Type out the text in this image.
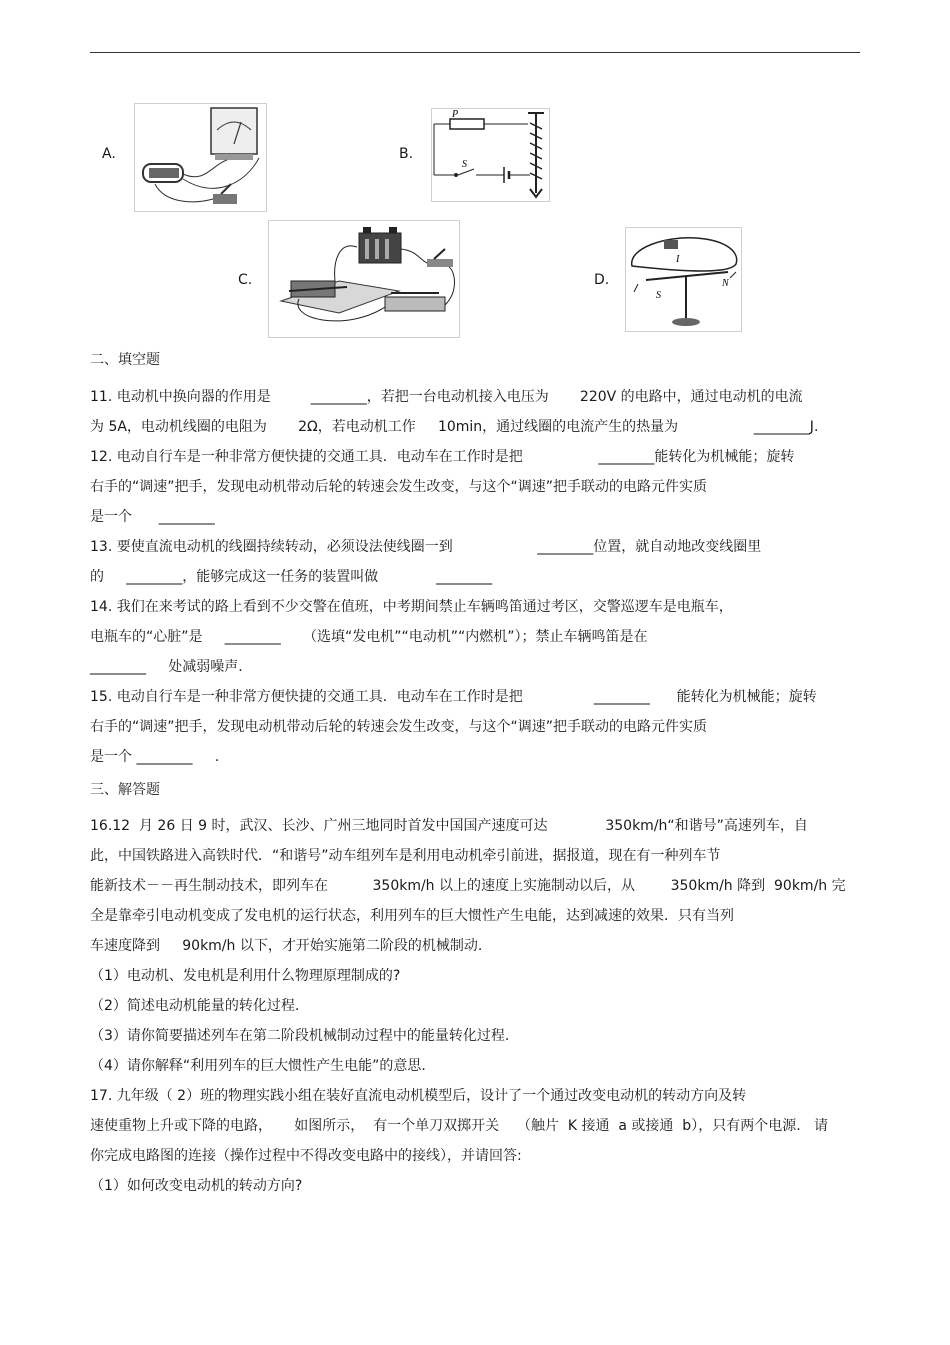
A.	B.
C.	D.
P
S
I
S
N
二、填空题
三、解答题
11. 电动机中换向器的作用是         ________，若把一台电动机接入电压为       220V 的电路中，通过电动机的电流
为 5A，电动机线圈的电阻为       2Ω，若电动机工作     10min，通过线圈的电流产生的热量为                 ________J.
12. 电动自行车是一种非常方便快捷的交通工具．电动车在工作时是把                 ________能转化为机械能；旋转
右手的“调速”把手，发现电动机带动后轮的转速会发生改变，与这个“调速”把手联动的电路元件实质
是一个      ________
13. 要使直流电动机的线圈持续转动，必须设法使线圈一到                   ________位置，就自动地改变线圈里
的     ________，能够完成这一任务的装置叫做             ________
14. 我们在来考试的路上看到不少交警在值班，中考期间禁止车辆鸣笛通过考区，交警巡逻车是电瓶车，
电瓶车的“心脏”是     ________     （选填“发电机”“电动机”“内燃机”）；禁止车辆鸣笛是在
________     处减弱噪声.
15. 电动自行车是一种非常方便快捷的交通工具．电动车在工作时是把                ________      能转化为机械能；旋转
右手的“调速”把手，发现电动机带动后轮的转速会发生改变，与这个“调速”把手联动的电路元件实质
是一个 ________     .
16.12  月 26 日 9 时，武汉、长沙、广州三地同时首发中国国产速度可达             350km/h“和谐号”高速列车，自
此，中国铁路进入高铁时代．“和谐号”动车组列车是利用电动机牵引前进，据报道，现在有一种列车节
能新技术－－再生制动技术，即列车在          350km/h 以上的速度上实施制动以后，从        350km/h 降到  90km/h 完
全是靠牵引电动机变成了发电机的运行状态，利用列车的巨大惯性产生电能，达到减速的效果．只有当列
车速度降到     90km/h 以下，才开始实施第二阶段的机械制动.
（1）电动机、发电机是利用什么物理原理制成的?
（2）简述电动机能量的转化过程.
（3）请你简要描述列车在第二阶段机械制动过程中的能量转化过程.
（4）请你解释“利用列车的巨大惯性产生电能”的意思.
17. 九年级（ 2）班的物理实践小组在装好直流电动机模型后，设计了一个通过改变电动机的转动方向及转
速使重物上升或下降的电路，     如图所示，  有一个单刀双掷开关    （触片  K 接通  a 或接通  b），只有两个电源.   请
你完成电路图的连接（操作过程中不得改变电路中的接线），并请回答:
（1）如何改变电动机的转动方向?
